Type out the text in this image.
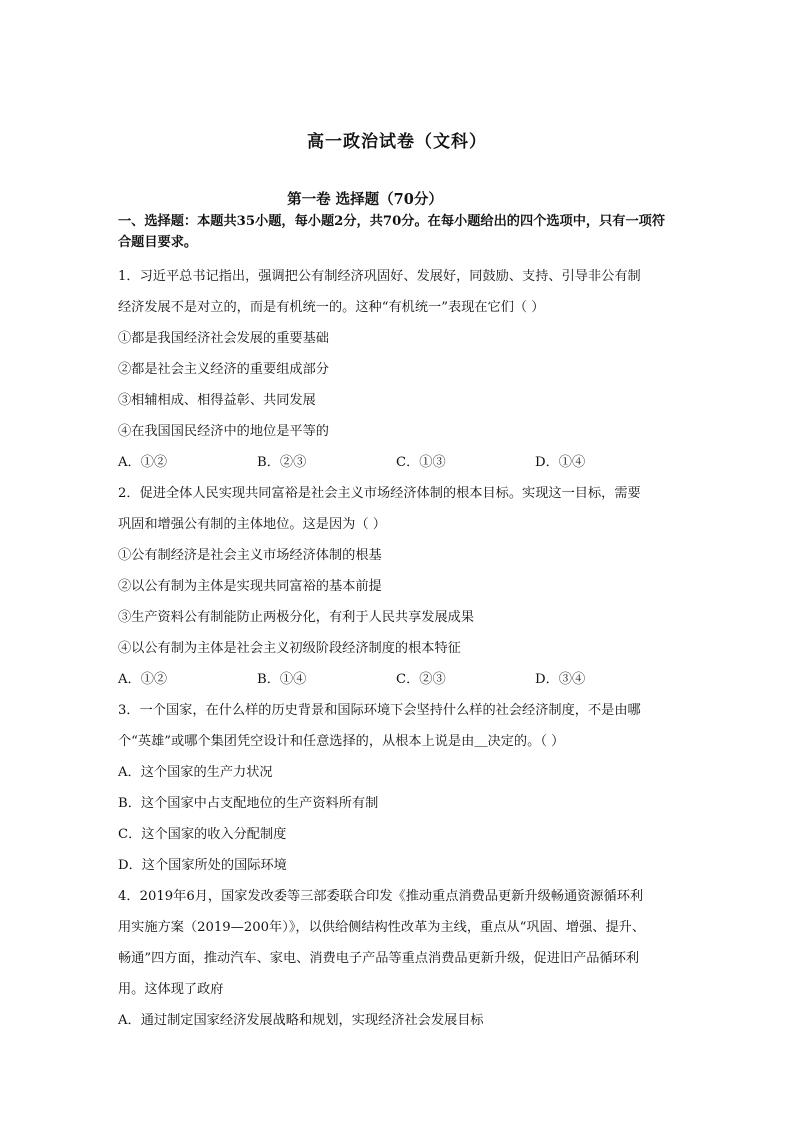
高一政治试卷（文科）
第一卷 选择题（70分）
一、选择题：本题共35小题，每小题2分，共70分。在每小题给出的四个选项中，只有一项符合题目要求。

1．习近平总书记指出，强调把公有制经济巩固好、发展好，同鼓励、支持、引导非公有制

经济发展不是对立的，而是有机统一的。这种“有机统一”表现在它们（ ）

①都是我国经济社会发展的重要基础

②都是社会主义经济的重要组成部分

③相辅相成、相得益彰、共同发展

④在我国国民经济中的地位是平等的

A．①②	B．②③	C．①③	D．①④

2．促进全体人民实现共同富裕是社会主义市场经济体制的根本目标。实现这一目标，需要

巩固和增强公有制的主体地位。这是因为（ ）

①公有制经济是社会主义市场经济体制的根基

②以公有制为主体是实现共同富裕的基本前提

③生产资料公有制能防止两极分化，有利于人民共享发展成果

④以公有制为主体是社会主义初级阶段经济制度的根本特征

A．①②	B．①④	C．②③	D．③④

3．一个国家，在什么样的历史背景和国际环境下会坚持什么样的社会经济制度，不是由哪

个“英雄”或哪个集团凭空设计和任意选择的，从根本上说是由＿决定的。（ ）

A．这个国家的生产力状况

B．这个国家中占支配地位的生产资料所有制

C．这个国家的收入分配制度

D．这个国家所处的国际环境

4．2019年6月，国家发改委等三部委联合印发《推动重点消费品更新升级畅通资源循环利

用实施方案（2019—200年）》，以供给侧结构性改革为主线，重点从“巩固、增强、提升、

畅通”四方面，推动汽车、家电、消费电子产品等重点消费品更新升级，促进旧产品循环利

用。这体现了政府

A．通过制定国家经济发展战略和规划，实现经济社会发展目标
